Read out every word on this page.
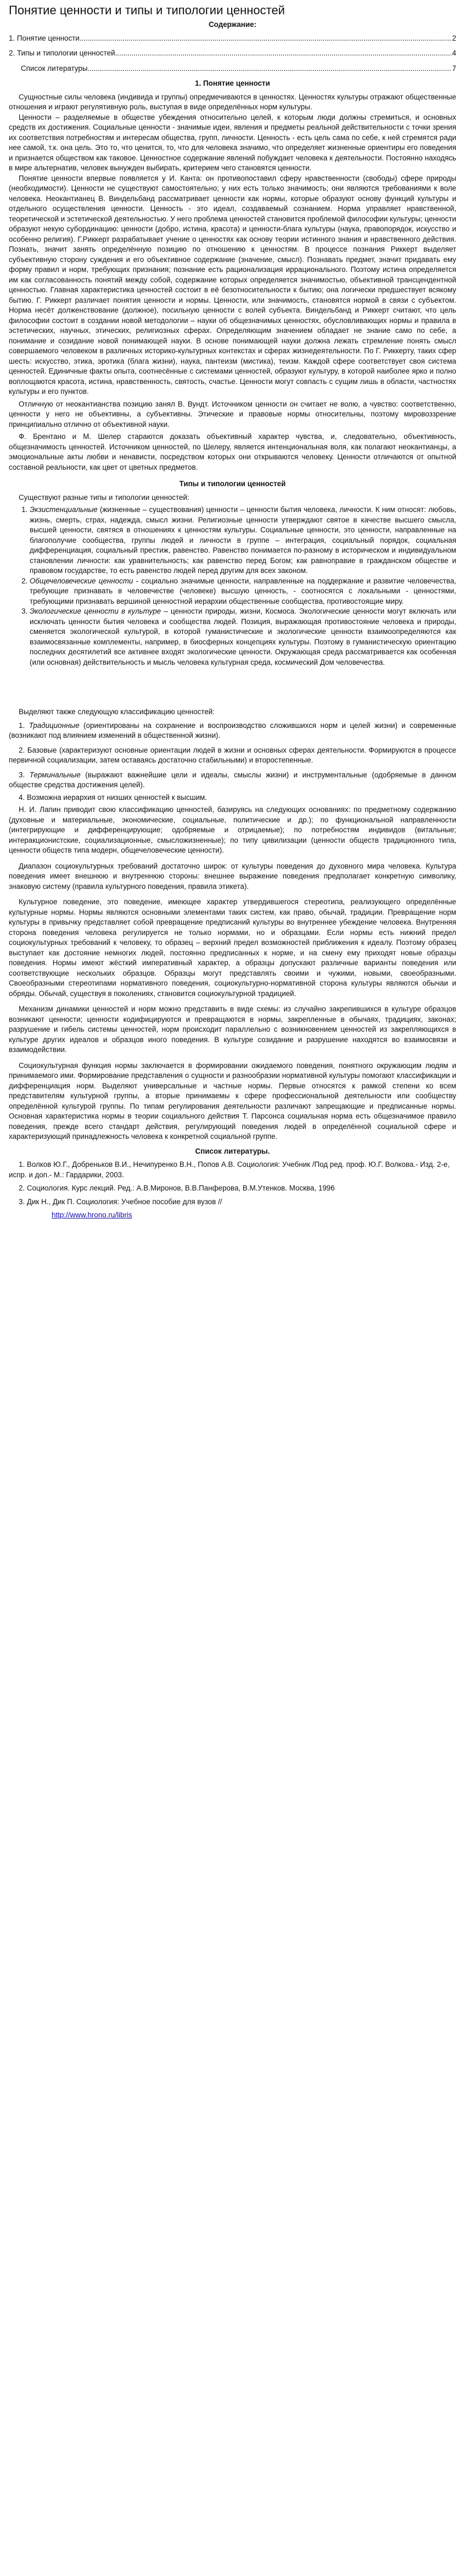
Понятие ценности и типы и типологии ценностей
Содержание:
1. Понятие ценности .....	2
2. Типы и типологии ценностей .....	4
Список литературы .....	7
1. Понятие ценности

Сущностные силы человека (индивида и группы) опредмечиваются в ценностях. Ценностях культуры отражают общественные отношения и играют регулятивную роль, выступая в виде определённых норм культуры.

Ценности – разделяемые в обществе убеждения относительно целей, к которым люди должны стремиться, и основных средств их достижения. Социальные ценности - значимые идеи, явления и предметы реальной действительности с точки зрения их соответствия потребностям и интересам общества, групп, личности. Ценность - есть цель сама по себе, к ней стремятся ради нее самой, т.к. она цель. Это то, что ценится, то, что для человека значимо, что определяет жизненные ориентиры его поведения и признается обществом как таковое. Ценностное содержание явлений побуждает человека к деятельности. Постоянно находясь в мире альтернатив, человек вынужден выбирать, критерием чего становятся ценности.

Понятие ценности впервые появляется у И. Канта: он противопоставил сферу нравственности (свободы) сфере природы (необходимости). Ценности не существуют самостоятельно; у них есть только значимость; они являются требованиями к воле человека. Неокантианец В. Виндельбанд рассматривает ценности как нормы, которые образуют основу функций культуры и отдельного осуществления ценности. Ценность - это идеал, создаваемый сознанием. Норма управляет нравственной, теоретической и эстетической деятельностью. У него проблема ценностей становится проблемой философии культуры; ценности образуют некую субординацию: ценности (добро, истина, красота) и ценности-блага культуры (наука, правопорядок, искусство и особенно религия). Г.Риккерт разрабатывает учение о ценностях как основу теории истинного знания и нравственного действия. Познать, значит занять определённую позицию по отношению к ценностям. В процессе познания Риккерт выделяет субъективную сторону суждения и его объективное содержание (значение, смысл). Познавать предмет, значит придавать ему форму правил и норм, требующих признания; познание есть рационализация иррационального. Поэтому истина определяется им как согласованность понятий между собой, содержание которых определяется значимостью, объективной трансцендентной ценностью. Главная характеристика ценностей состоит в её безотносительности к бытию; она логически предшествует всякому бытию. Г. Риккерт различает понятия ценности и нормы. Ценности, или значимость, становятся нормой в связи с субъектом. Норма несёт долженствование (должное), посильную ценности с волей субъекта. Виндельбанд и Риккерт считают, что цель философии состоит в создании новой методологии – науки об общезначимых ценностях, обусловливающих нормы и правила в эстетических, научных, этических, религиозных сферах. Определяющим значением обладает не знание само по себе, а понимание и созидание новой понимающей науки. В основе понимающей науки должна лежать стремление понять смысл совершаемого человеком в различных историко-культурных контекстах и сферах жизнедеятельности. По Г. Риккерту, таких сфер шесть: искусство, этика, эротика (блага жизни), наука, пантеизм (мистика), теизм. Каждой сфере соответствует своя система ценностей. Единичные факты опыта, соотнесённые с системами ценностей, образуют культуру, в которой наиболее ярко и полно воплощаются красота, истина, нравственность, святость, счастье. Ценности могут совпасть с сущим лишь в области, частностях культуры и его пунктов.

Отличную от неокантианства позицию занял В. Вундт. Источником ценности он считает не волю, а чувство: соответственно, ценности у него не объективны, а субъективны. Этические и правовые нормы относительны, поэтому мировоззрение принципиально отлично от объективной науки.

Ф. Брентано и М. Шелер стараются доказать объективный характер чувства, и, следовательно, объективность, общезначимость ценностей. Источником ценностей, по Шелеру, является интенциональная воля, как полагают неокантианцы, а эмоциональные акты любви и ненависти, посредством которых они открываются человеку. Ценности отличаются от опытной составной реальности, как цвет от цветных предметов.

Типы и типологии ценностей
Существуют разные типы и типологии ценностей:
1. Экзистенциальные (жизненные – существования) ценности – ценности бытия человека, личности. К ним относят: любовь, жизнь, смерть, страх, надежда, смысл жизни. Религиозные ценности утверждают святое в качестве высшего смысла, высшей ценности, святяся в отношениях к ценностям культуры. Социальные ценности, это ценности, направленные на благополучие сообщества, группы людей и личности в группе – интеграция, социальный порядок, социальная дифференциация, социальный престиж, равенство. Равенство понимается по-разному в историческом и индивидуальном становлении личности: как уравнительность; как равенство перед Богом; как равноправие в гражданском обществе и правовом государстве, то есть равенство людей перед другим для всех законом.
2. Общечеловеческие ценности - социально значимые ценности, направленные на поддержание и развитие человечества, требующие признавать в человечестве (человеке) высшую ценность, - соотносятся с локальными - ценностями, требующими признавать вершиной ценностной иерархии общественные сообщества, противостоящие миру.
3. Экологические ценности в культуре – ценности природы, жизни, Космоса. Экологические ценности могут включать или исключать ценности бытия человека и сообщества людей. Позиция, выражающая противостояние человека и природы, сменяется экологической культурой, в которой гуманистические и экологические ценности взаимоопределяются как взаимосвязанные комплементы, например, в биосферных концепциях культуры. Поэтому в гуманистическую ориентацию последних десятилетий все активнее входят экологические ценности. Окружающая среда рассматривается как особенная (или основная) действительность и мысль человека культурная среда, космический Дом человечества.
Выделяют также следующую классификацию ценностей:

1. Традиционные (ориентированы на сохранение и воспроизводство сложившихся норм и целей жизни) и современные (возникают под влиянием изменений в общественной жизни).

2. Базовые (характеризуют основные ориентации людей в жизни и основных сферах деятельности. Формируются в процессе первичной социализации, затем оставаясь достаточно стабильными) и второстепенные.

3. Терминальные (выражают важнейшие цели и идеалы, смыслы жизни) и инструментальные (одобряемые в данном обществе средства достижения целей).

4. Возможна иерархия от низших ценностей к высшим.

Н. И. Лапин приводит свою классификацию ценностей, базируясь на следующих основаниях: по предметному содержанию (духовные и материальные, экономические, социальные, политические и др.); по функциональной направленности (интегрирующие и дифференцирующие; одобряемые и отрицаемые); по потребностям индивидов (витальные; интеракционистские, социализационные, смысложизненные); по типу цивилизации (ценности обществ традиционного типа, ценности обществ типа модерн, общечеловеческие ценности).

Диапазон социокультурных требований достаточно широк: от культуры поведения до духовного мира человека. Культура поведения имеет внешнюю и внутреннюю стороны: внешнее выражение поведения предполагает конкретную символику, знаковую систему (правила культурного поведения, правила этикета).

Культурное поведение, это поведение, имеющее характер утвердившегося стереотипа, реализующего определённые культурные нормы. Нормы являются основными элементами таких систем, как право, обычай, традиции. Превращение норм культуры в привычку представляет собой превращение предписаний культуры во внутреннее убеждение человека. Внутренняя сторона поведения человека регулируется не только нормами, но и образцами. Если нормы есть нижний предел социокультурных требований к человеку, то образец – верхний предел возможностей приближения к идеалу. Поэтому образец выступает как достояние немногих людей, постоянно предписанных к норме, и на смену ему приходят новые образцы поведения. Нормы имеют жёсткий императивный характер, а образцы допускают различные варианты поведения или соответствующие нескольких образцов. Образцы могут представлять своими и чужими, новыми, своеобразными. Своеобразными стереотипами нормативного поведения, социокультурно-нормативной сторона культуры являются обычаи и обряды. Обычай, существуя в поколениях, становится социокультурной традицией.

Механизм динамики ценностей и норм можно представить в виде схемы: из случайно закрепившихся в культуре образцов возникают ценности; ценности кодифицируются и превращаются в нормы, закрепленные в обычаях, традициях, законах; разрушение и гибель системы ценностей, норм происходит параллельно с возникновением ценностей из закрепляющихся в культуре других идеалов и образцов иного поведения. В культуре созидание и разрушение находятся во взаимосвязи и взаимодействии.

Социокультурная функция нормы заключается в формировании ожидаемого поведения, понятного окружающим людям и принимаемого ими. Формирование представления о сущности и разнообразии нормативной культуры помогают классификации и дифференциация норм. Выделяют универсальные и частные нормы. Первые относятся к рамкой степени ко всем представителям культурной группы, а вторые принимаемы к сфере профессиональной деятельности или сообществу определённой культурой группы. По типам регулирования деятельности различают запрещающие и предписанные нормы. Основная характеристика нормы в теории социального действия Т. Парсонса социальная норма есть общезначимое правило поведения, прежде всего стандарт действия, регулирующий поведения людей в определённой социальной сфере и характеризующий принадлежность человека к конкретной социальной группе.

Список литературы.
1. Волков Ю.Г., Добреньков В.И., Нечипуренко В.Н., Попов А.В. Социология: Учебник /Под ред. проф. Ю.Г. Волкова.- Изд. 2-е, испр. и доп.- М.: Гардарики, 2003.
2. Социология. Курс лекций. Ред.: А.В.Миронов, В.В.Панферова, В.М.Утенков. Москва, 1996
3. Дик Н., Дик П. Социология: Учебное пособие для вузов //
http://www.hrono.ru/libris
